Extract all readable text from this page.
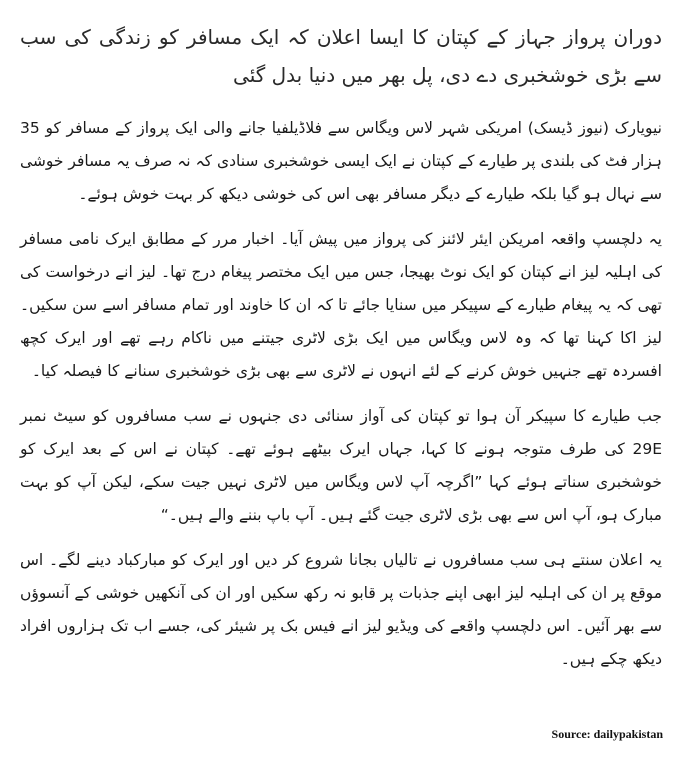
دوران پرواز جہاز کے کپتان کا ایسا اعلان کہ ایک مسافر کو زندگی کی سب سے بڑی خوشخبری دے دی، پل بھر میں دنیا بدل گئی

نیویارک (نیوز ڈیسک) امریکی شہر لاس ویگاس سے فلاڈیلفیا جانے والی ایک پرواز کے مسافر کو 35 ہزار فٹ کی بلندی پر طیارے کے کپتان نے ایک ایسی خوشخبری سنادی کہ نہ صرف یہ مسافر خوشی سے نہال ہو گیا بلکہ طیارے کے دیگر مسافر بھی اس کی خوشی دیکھ کر بہت خوش ہوئے۔

یہ دلچسپ واقعہ امریکن ایئر لائنز کی پرواز میں پیش آیا۔ اخبار مرر کے مطابق ایرک نامی مسافر کی اہلیہ لیز انے کپتان کو ایک نوٹ بھیجا، جس میں ایک مختصر پیغام درج تھا۔ لیز انے درخواست کی تھی کہ یہ پیغام طیارے کے سپیکر میں سنایا جائے تا کہ ان کا خاوند اور تمام مسافر اسے سن سکیں۔ لیز اکا کہنا تھا کہ وہ لاس ویگاس میں ایک بڑی لاٹری جیتنے میں ناکام رہے تھے اور ایرک کچھ افسردہ تھے جنہیں خوش کرنے کے لئے انہوں نے لاٹری سے بھی بڑی خوشخبری سنانے کا فیصلہ کیا۔

جب طیارے کا سپیکر آن ہوا تو کپتان کی آواز سنائی دی جنہوں نے سب مسافروں کو سیٹ نمبر 29E کی طرف متوجہ ہونے کا کہا، جہاں ایرک بیٹھے ہوئے تھے۔ کپتان نے اس کے بعد ایرک کو خوشخبری سناتے ہوئے کہا ”اگرچہ آپ لاس ویگاس میں لاٹری نہیں جیت سکے، لیکن آپ کو بہت مبارک ہو، آپ اس سے بھی بڑی لاٹری جیت گئے ہیں۔ آپ باپ بننے والے ہیں۔“

یہ اعلان سنتے ہی سب مسافروں نے تالیاں بجانا شروع کر دیں اور ایرک کو مبارکباد دینے لگے۔ اس موقع پر ان کی اہلیہ لیز ابھی اپنے جذبات پر قابو نہ رکھ سکیں اور ان کی آنکھیں خوشی کے آنسوؤں سے بھر آئیں۔ اس دلچسپ واقعے کی ویڈیو لیز انے فیس بک پر شیئر کی، جسے اب تک ہزاروں افراد دیکھ چکے ہیں۔

Source: dailypakistan
